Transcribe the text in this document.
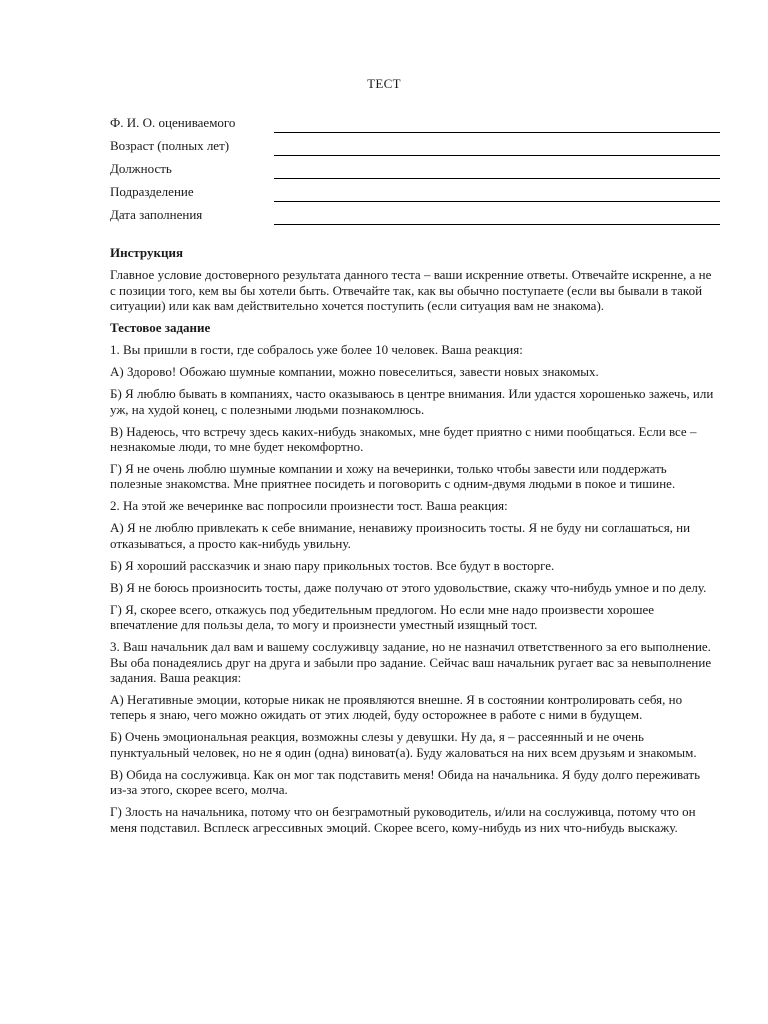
ТЕСТ
Ф. И. О. оцениваемого
Возраст (полных лет)
Должность
Подразделение
Дата заполнения

Инструкция

Главное условие достоверного результата данного теста – ваши искренние ответы. Отвечайте искренне, а не с позиции того, кем вы бы хотели быть. Отвечайте так, как вы обычно поступаете (если вы бывали в такой ситуации) или как вам действительно хочется поступить (если ситуация вам не знакома).

Тестовое задание

1. Вы пришли в гости, где собралось уже более 10 человек. Ваша реакция:

А) Здорово! Обожаю шумные компании, можно повеселиться, завести новых знакомых.

Б) Я люблю бывать в компаниях, часто оказываюсь в центре внимания. Или удастся хорошенько зажечь, или уж, на худой конец, с полезными людьми познакомлюсь.

В) Надеюсь, что встречу здесь каких-нибудь знакомых, мне будет приятно с ними пообщаться. Если все – незнакомые люди, то мне будет некомфортно.

Г) Я не очень люблю шумные компании и хожу на вечеринки, только чтобы завести или поддержать полезные знакомства. Мне приятнее посидеть и поговорить с одним-двумя людьми в покое и тишине.

2. На этой же вечеринке вас попросили произнести тост. Ваша реакция:

А) Я не люблю привлекать к себе внимание, ненавижу произносить тосты. Я не буду ни соглашаться, ни отказываться, а просто как-нибудь увильну.

Б) Я хороший рассказчик и знаю пару прикольных тостов. Все будут в восторге.

В) Я не боюсь произносить тосты, даже получаю от этого удовольствие, скажу что-нибудь умное и по делу.

Г) Я, скорее всего, откажусь под убедительным предлогом. Но если мне надо произвести хорошее впечатление для пользы дела, то могу и произнести уместный изящный тост.

3. Ваш начальник дал вам и вашему сослуживцу задание, но не назначил ответственного за его выполнение. Вы оба понадеялись друг на друга и забыли про задание. Сейчас ваш начальник ругает вас за невыполнение задания. Ваша реакция:

А) Негативные эмоции, которые никак не проявляются внешне. Я в состоянии контролировать себя, но теперь я знаю, чего можно ожидать от этих людей, буду осторожнее в работе с ними в будущем.

Б) Очень эмоциональная реакция, возможны слезы у девушки. Ну да, я – рассеянный и не очень пунктуальный человек, но не я один (одна) виноват(а). Буду жаловаться на них всем друзьям и знакомым.

В) Обида на сослуживца. Как он мог так подставить меня! Обида на начальника. Я буду долго переживать из-за этого, скорее всего, молча.

Г) Злость на начальника, потому что он безграмотный руководитель, и/или на сослуживца, потому что он меня подставил. Всплеск агрессивных эмоций. Скорее всего, кому-нибудь из них что-нибудь выскажу.
